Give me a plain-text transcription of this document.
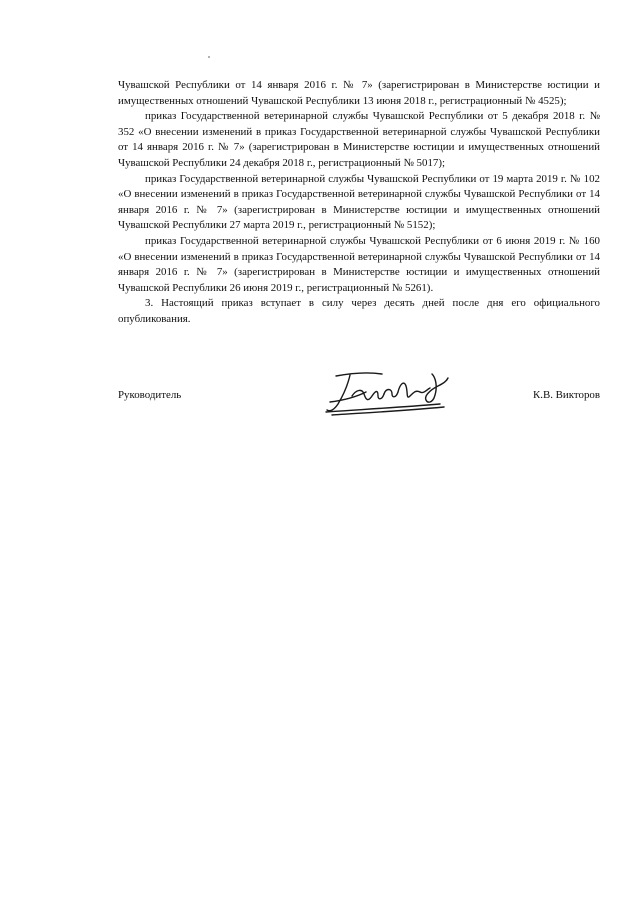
Чувашской Республики от 14 января 2016 г. № 7» (зарегистрирован в Министерстве юстиции и имущественных отношений Чувашской Республики 13 июня 2018 г., регистрационный № 4525);

приказ Государственной ветеринарной службы Чувашской Республики от 5 декабря 2018 г. № 352 «О внесении изменений в приказ Государственной ветеринарной службы Чувашской Республики от 14 января 2016 г. № 7» (зарегистрирован в Министерстве юстиции и имущественных отношений Чувашской Республики 24 декабря 2018 г., регистрационный № 5017);

приказ Государственной ветеринарной службы Чувашской Республики от 19 марта 2019 г. № 102 «О внесении изменений в приказ Государственной ветеринарной службы Чувашской Республики от 14 января 2016 г. № 7» (зарегистрирован в Министерстве юстиции и имущественных отношений Чувашской Республики 27 марта 2019 г., регистрационный № 5152);

приказ Государственной ветеринарной службы Чувашской Республики от 6 июня 2019 г. № 160 «О внесении изменений в приказ Государственной ветеринарной службы Чувашской Республики от 14 января 2016 г. № 7» (зарегистрирован в Министерстве юстиции и имущественных отношений Чувашской Республики 26 июня 2019 г., регистрационный № 5261).

3. Настоящий приказ вступает в силу через десять дней после дня его официального опубликования.

Руководитель	К.В. Викторов
